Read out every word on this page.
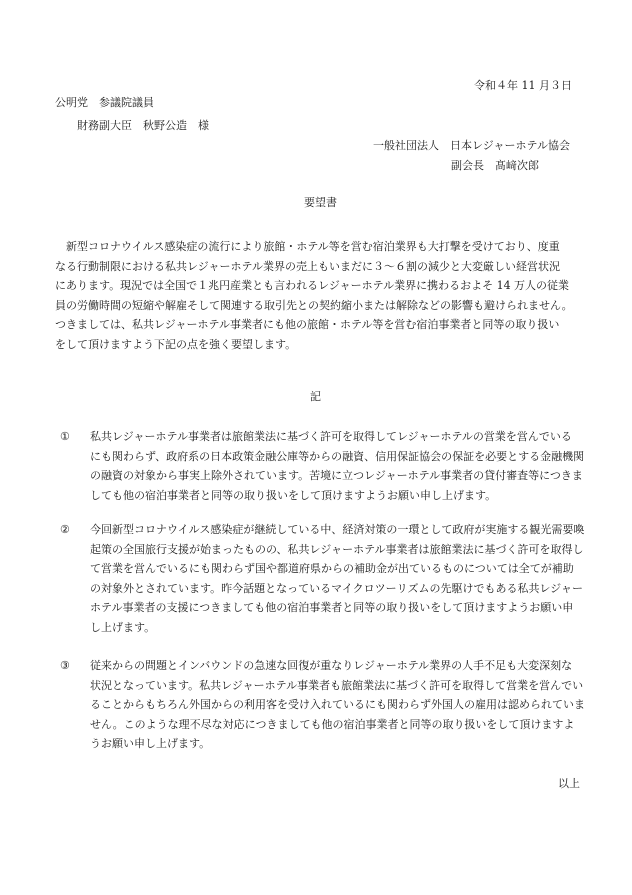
令和４年 11 月３日
公明党　参議院議員
財務副大臣　秋野公造　様
一般社団法人　日本レジャーホテル協会
副会長　髙﨑次郎
要望書

新型コロナウイルス感染症の流行により旅館・ホテル等を営む宿泊業界も大打撃を受けており、度重

なる行動制限における私共レジャーホテル業界の売上もいまだに３～６割の減少と大変厳しい経営状況

にあります。現況では全国で１兆円産業とも言われるレジャーホテル業界に携わるおよそ 14 万人の従業

員の労働時間の短縮や解雇そして関連する取引先との契約縮小または解除などの影響も避けられません。

つきましては、私共レジャーホテル事業者にも他の旅館・ホテル等を営む宿泊事業者と同等の取り扱い

をして頂けますよう下記の点を強く要望します。

記
①	私共レジャーホテル事業者は旅館業法に基づく許可を取得してレジャーホテルの営業を営んでいる

にも関わらず、政府系の日本政策金融公庫等からの融資、信用保証協会の保証を必要とする金融機関

の融資の対象から事実上除外されています。苦境に立つレジャーホテル事業者の貸付審査等につきま

しても他の宿泊事業者と同等の取り扱いをして頂けますようお願い申し上げます。

②	今回新型コロナウイルス感染症が継続している中、経済対策の一環として政府が実施する観光需要喚

起策の全国旅行支援が始まったものの、私共レジャーホテル事業者は旅館業法に基づく許可を取得し

て営業を営んでいるにも関わらず国や都道府県からの補助金が出ているものについては全てが補助

の対象外とされています。昨今話題となっているマイクロツーリズムの先駆けでもある私共レジャー

ホテル事業者の支援につきましても他の宿泊事業者と同等の取り扱いをして頂けますようお願い申

し上げます。

③	従来からの問題とインバウンドの急速な回復が重なりレジャーホテル業界の人手不足も大変深刻な

状況となっています。私共レジャーホテル事業者も旅館業法に基づく許可を取得して営業を営んでい

ることからもちろん外国からの利用客を受け入れているにも関わらず外国人の雇用は認められていま

せん。このような理不尽な対応につきましても他の宿泊事業者と同等の取り扱いをして頂けますよ

うお願い申し上げます。

以上
